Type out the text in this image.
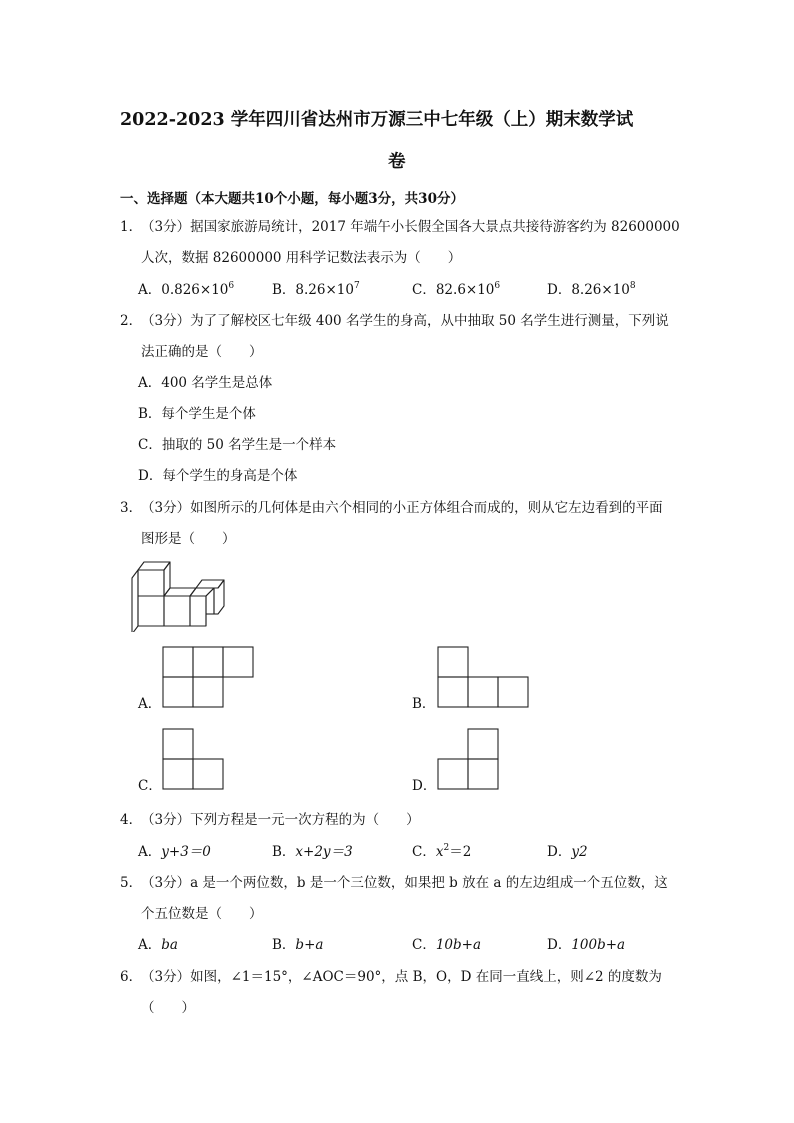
2022-2023 学年四川省达州市万源三中七年级（上）期末数学试
卷
一、选择题（本大题共10个小题，每小题3分，共30分）
1．
（3分）据国家旅游局统计，2017 年端午小长假全国各大景点共接待游客约为 82600000
人次，数据 82600000 用科学记数法表示为（　　）
A．$0.826\times 10^6$	B．$8.26\times 10^7$	C．$82.6\times 10^6$	D．$8.26\times 10^8$
2．
（3分）为了了解校区七年级 400 名学生的身高，从中抽取 50 名学生进行测量，下列说
法正确的是（　　）
A．400 名学生是总体
B．每个学生是个体
C．抽取的 50 名学生是一个样本
D．每个学生的身高是个体
3．
（3分）如图所示的几何体是由六个相同的小正方体组合而成的，则从它左边看到的平面
图形是（　　）
A．	B．
C．	D．
4．
（3分）下列方程是一元一次方程的为（　　）
A．y+3＝0	B．x+2y＝3	C．$x^2=2$	D．y2
5．
（3分）a 是一个两位数，b 是一个三位数，如果把 b 放在 a 的左边组成一个五位数，这
个五位数是（　　）
A．ba	B．b+a	C．10b+a	D．100b+a
6．
（3分）如图，∠1＝15°，∠AOC＝90°，点 B，O，D 在同一直线上，则∠2 的度数为
（　　）
